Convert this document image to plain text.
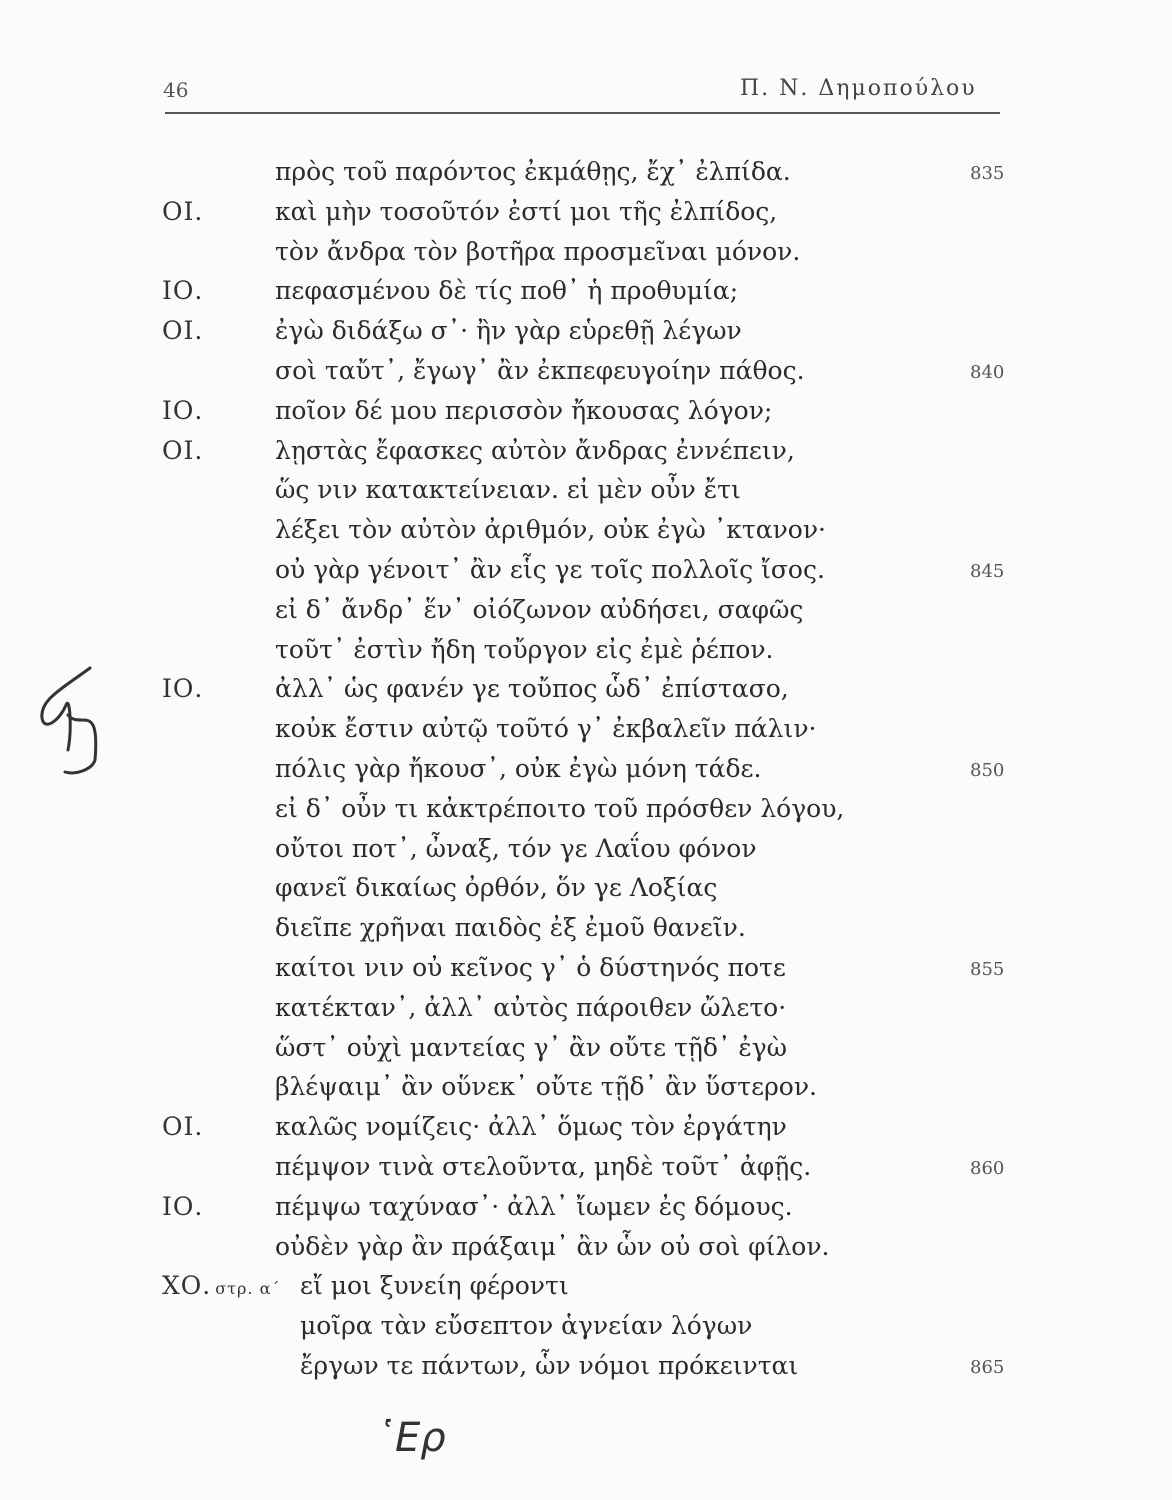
46	Π. Ν. Δημοπούλου
πρὸς τοῦ παρόντος ἐκμάθῃς, ἔχ᾽ ἐλπίδα.	835
ΟΙ.	καὶ μὴν τοσοῦτόν ἐστί μοι τῆς ἐλπίδος,
τὸν ἄνδρα τὸν βοτῆρα προσμεῖναι μόνον.
ΙΟ.	πεφασμένου δὲ τίς ποθ᾽ ἡ προθυμία;
ΟΙ.	ἐγὼ διδάξω σ᾽· ἢν γὰρ εὑρεθῇ λέγων
σοὶ ταὔτ᾽, ἔγωγ᾽ ἂν ἐκπεφευγοίην πάθος.	840
ΙΟ.	ποῖον δέ μου περισσὸν ἤκουσας λόγον;
ΟΙ.	λῃστὰς ἔφασκες αὐτὸν ἄνδρας ἐννέπειν,
ὥς νιν κατακτείνειαν. εἰ μὲν οὖν ἔτι
λέξει τὸν αὐτὸν ἀριθμόν, οὐκ ἐγὼ ᾽κτανον·
οὐ γὰρ γένοιτ᾽ ἂν εἷς γε τοῖς πολλοῖς ἴσος.	845
εἰ δ᾽ ἄνδρ᾽ ἕν᾽ οἰόζωνον αὐδήσει, σαφῶς
τοῦτ᾽ ἐστὶν ἤδη τοὔργον εἰς ἐμὲ ῥέπον.
ΙΟ.	ἀλλ᾽ ὡς φανέν γε τοὔπος ὧδ᾽ ἐπίστασο,
κοὐκ ἔστιν αὐτῷ τοῦτό γ᾽ ἐκβαλεῖν πάλιν·
πόλις γὰρ ἤκουσ᾽, οὐκ ἐγὼ μόνη τάδε.	850
εἰ δ᾽ οὖν τι κἀκτρέποιτο τοῦ πρόσθεν λόγου,
οὔτοι ποτ᾽, ὦναξ, τόν γε Λαΐου φόνον
φανεῖ δικαίως ὀρθόν, ὅν γε Λοξίας
διεῖπε χρῆναι παιδὸς ἐξ ἐμοῦ θανεῖν.
καίτοι νιν οὐ κεῖνος γ᾽ ὁ δύστηνός ποτε	855
κατέκταν᾽, ἀλλ᾽ αὐτὸς πάροιθεν ὤλετο·
ὥστ᾽ οὐχὶ μαντείας γ᾽ ἂν οὔτε τῇδ᾽ ἐγὼ
βλέψαιμ᾽ ἂν οὕνεκ᾽ οὔτε τῇδ᾽ ἂν ὕστερον.
ΟΙ.	καλῶς νομίζεις· ἀλλ᾽ ὅμως τὸν ἐργάτην
πέμψον τινὰ στελοῦντα, μηδὲ τοῦτ᾽ ἀφῇς.	860
ΙΟ.	πέμψω ταχύνασ᾽· ἀλλ᾽ ἴωμεν ἐς δόμους.
οὐδὲν γὰρ ἂν πράξαιμ᾽ ἂν ὧν οὐ σοὶ φίλον.
ΧΟ. στρ. α΄ εἴ μοι ξυνείη φέροντι
μοῖρα τὰν εὔσεπτον ἁγνείαν λόγων
ἔργων τε πάντων, ὧν νόμοι πρόκεινται	865
῾Ερ
